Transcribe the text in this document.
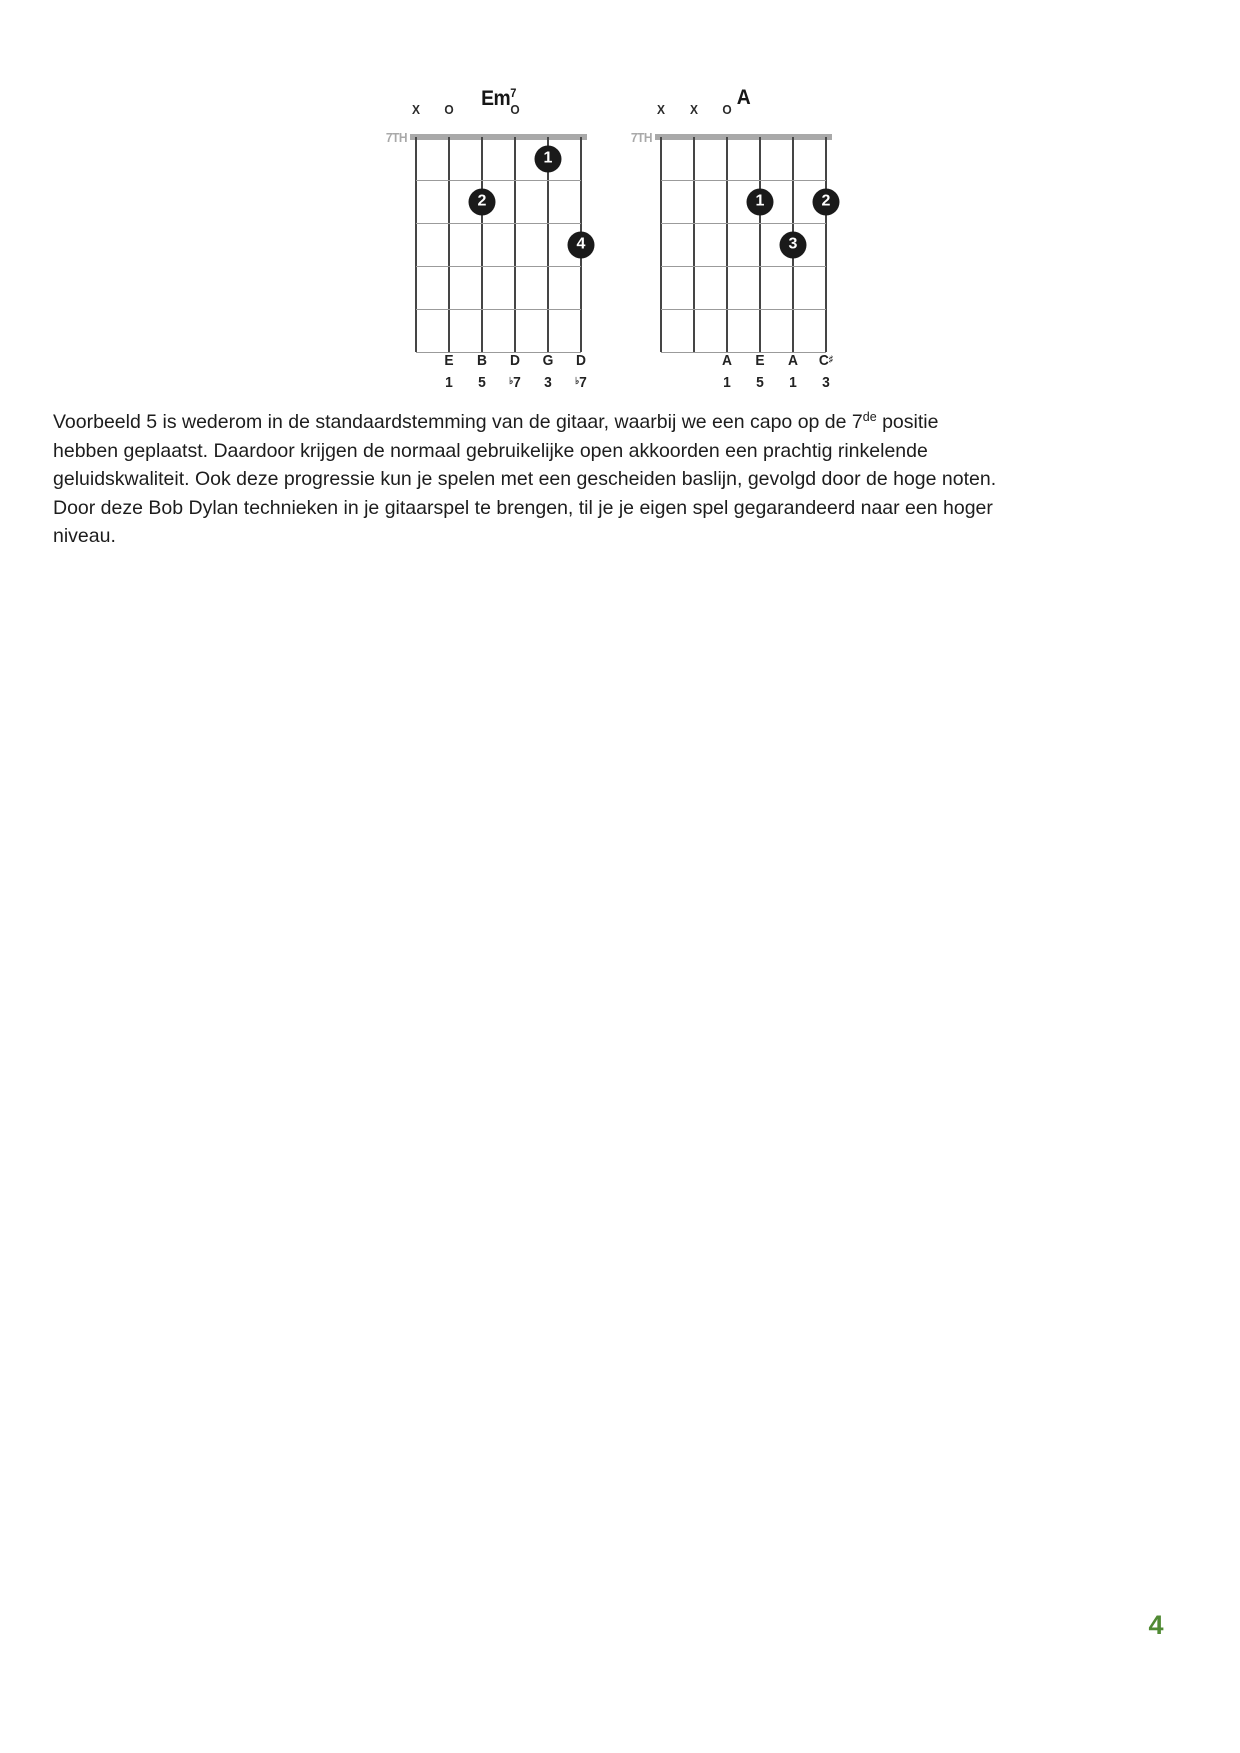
Em$^7$
7TH
X O	O
1
2
4
E B D G D
1 5	♭7 3	♭7
A
7TH
X X O
1	2
3
A E A C♯
1 5 1 3
Voorbeeld 5 is wederom in de standaardstemming van de gitaar, waarbij we een capo op de 7de positie
hebben geplaatst. Daardoor krijgen de normaal gebruikelijke open akkoorden een prachtig rinkelende
geluidskwaliteit. Ook deze progressie kun je spelen met een gescheiden baslijn, gevolgd door de hoge noten.
Door deze Bob Dylan technieken in je gitaarspel te brengen, til je je eigen spel gegarandeerd naar een hoger
niveau.
4
